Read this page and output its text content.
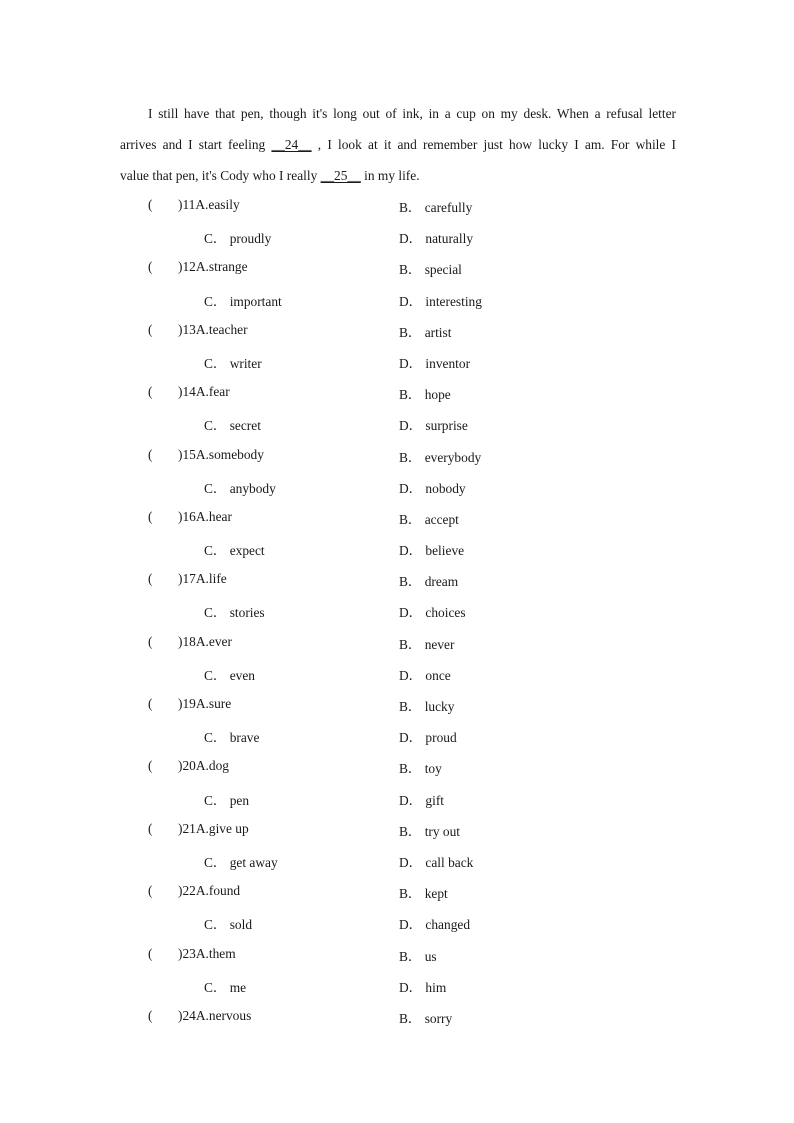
I still have that pen, though it's long out of ink, in a cup on my desk. When a refusal letter
arrives and I start feeling __24__ , I look at it and remember just how lucky I am. For while I
value that pen, it's Cody who I really __25__ in my life.
( )11A.easily	B． carefully
C． proudly	D． naturally
( )12A.strange	B． special
C． important	D． interesting
( )13A.teacher	B． artist
C． writer	D． inventor
( )14A.fear	B． hope
C． secret	D． surprise
( )15A.somebody	B． everybody
C． anybody	D． nobody
( )16A.hear	B． accept
C． expect	D． believe
( )17A.life	B． dream
C． stories	D． choices
( )18A.ever	B． never
C． even	D． once
( )19A.sure	B． lucky
C． brave	D． proud
( )20A.dog	B． toy
C． pen	D． gift
( )21A.give up	B． try out
C． get away	D． call back
( )22A.found	B． kept
C． sold	D． changed
( )23A.them	B． us
C． me	D． him
( )24A.nervous	B． sorry
